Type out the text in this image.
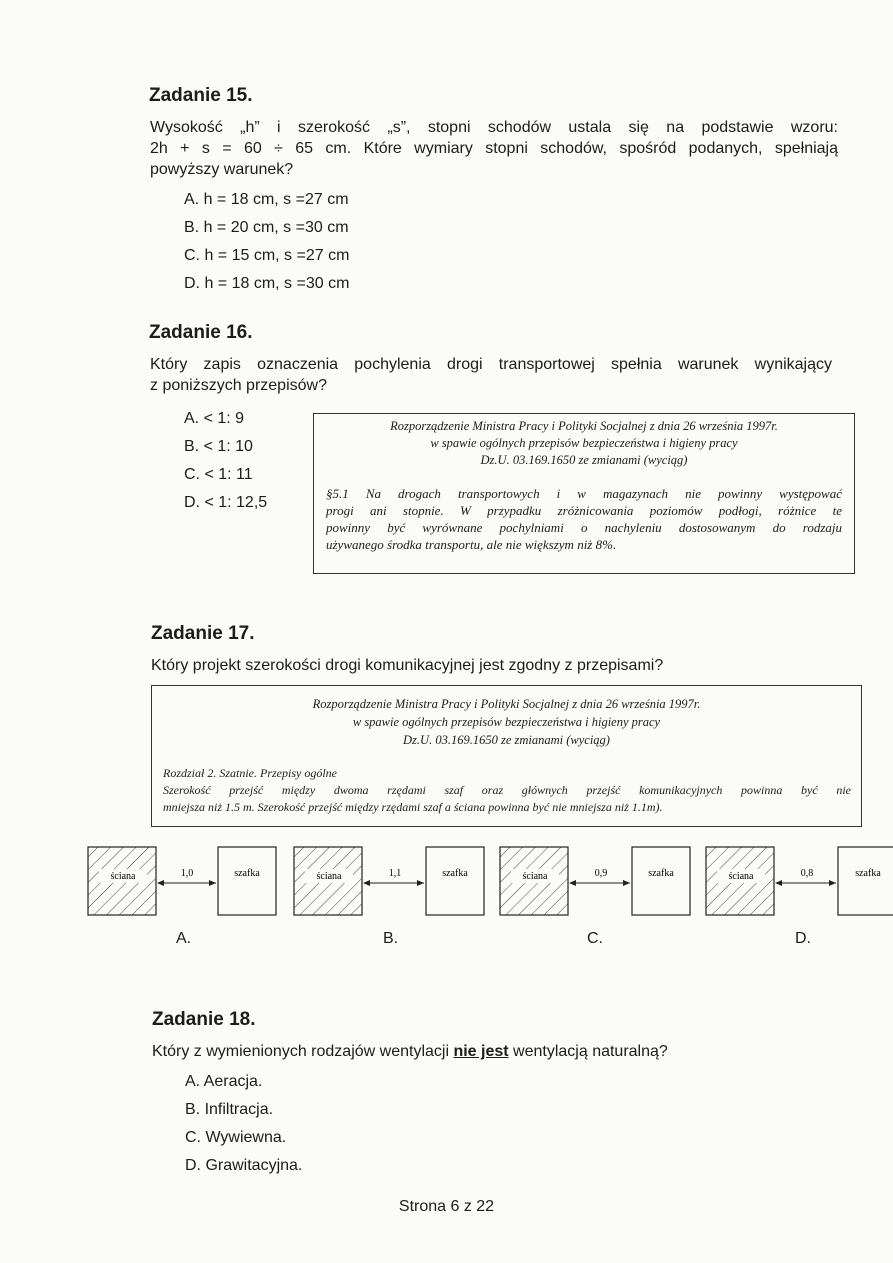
Zadanie 15.
Wysokość „h” i szerokość „s”, stopni schodów ustala się na podstawie wzoru:
2h + s = 60 ÷ 65 cm. Które wymiary stopni schodów, spośród podanych, spełniają
powyższy warunek?
A. h = 18 cm, s =27 cm
B. h = 20 cm, s =30 cm
C. h = 15 cm, s =27 cm
D. h = 18 cm, s =30 cm
Zadanie 16.
Który zapis oznaczenia pochylenia drogi transportowej spełnia warunek wynikający
z poniższych przepisów?
A. < 1: 9
B. < 1: 10
C. < 1: 11
D. < 1: 12,5
Rozporządzenie Ministra Pracy i Polityki Socjalnej z dnia 26 września 1997r.
w spawie ogólnych przepisów bezpieczeństwa i higieny pracy
Dz.U. 03.169.1650 ze zmianami (wyciąg)
§5.1 Na drogach transportowych i w magazynach nie powinny występować
progi ani stopnie. W przypadku zróżnicowania poziomów podłogi, różnice te
powinny być wyrównane pochylniami o nachyleniu dostosowanym do rodzaju
używanego środka transportu, ale nie większym niż 8%.
Zadanie 17.
Który projekt szerokości drogi komunikacyjnej jest zgodny z przepisami?
Rozporządzenie Ministra Pracy i Polityki Socjalnej z dnia 26 września 1997r.
w spawie ogólnych przepisów bezpieczeństwa i higieny pracy
Dz.U. 03.169.1650 ze zmianami (wyciąg)
Rozdział 2. Szatnie. Przepisy ogólne
Szerokość przejść między dwoma rzędami szaf oraz głównych przejść komunikacyjnych powinna być nie
mniejsza niż 1.5 m. Szerokość przejść między rzędami szaf a ściana powinna być nie mniejsza niż 1.1m).
ściana	1,0	szafka
A.
ściana	1,1	szafka
B.
ściana	0,9	szafka
C.
ściana	0,8	szafka
D.
Zadanie 18.
Który z wymienionych rodzajów wentylacji nie jest wentylacją naturalną?
A. Aeracja.
B. Infiltracja.
C. Wywiewna.
D. Grawitacyjna.
Strona 6 z 22
